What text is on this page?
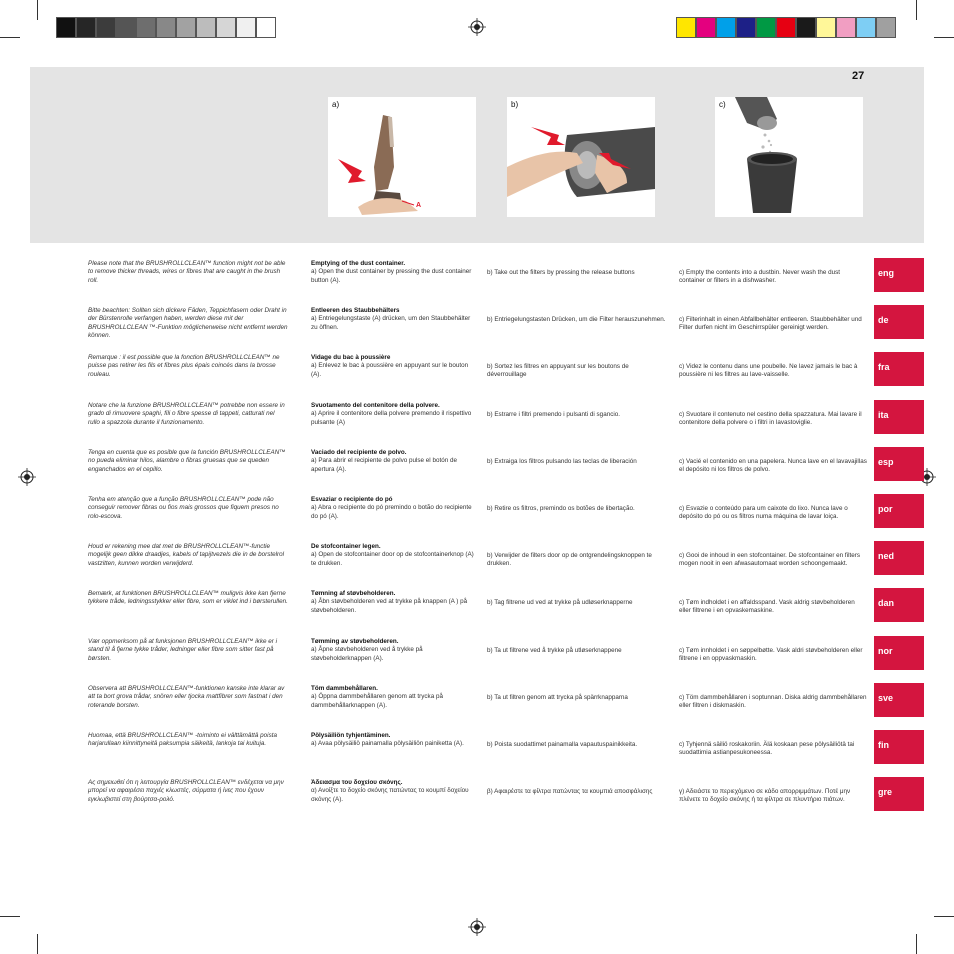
27
a)
A
b)	c)
Please note that the BRUSHROLLCLEAN™ function might not be able to remove thicker threads, wires or fibres that are caught in the brush roll.
Emptying of the dust container.
a) Open the dust container by pressing the dust container button (A).
b) Take out the filters by pressing the release buttons	c) Empty the contents into a dustbin. Never wash the dust container or filters in a dishwasher.
eng
Bitte beachten: Sollten sich dickere Fäden, Teppichfasern oder Draht in der Bürstenrolle verfangen haben, werden diese mit der BRUSHROLLCLEAN ™-Funktion möglicherweise nicht entfernt werden können.
Entleeren des Staubbehälters
a) Entriegelungstaste (A) drücken, um den Staubbehälter zu öffnen.
b) Entriegelungstasten Drücken, um die Filter herauszunehmen.	c) Filterinhalt in einen Abfallbehälter entleeren. Staubbehälter und Filter durfen nicht im Geschirrspüler gereinigt werden.
de
Remarque : il est possible que la fonction BRUSHROLLCLEAN™ ne puisse pas retirer les fils et fibres plus épais coincés dans la brosse rouleau.
Vidage du bac à poussière
a) Enlevez le bac à poussière en appuyant sur le bouton (A).
b) Sortez les filtres en appuyant sur les boutons de déverrouillage
c) Videz le contenu dans une poubelle. Ne lavez jamais le bac à poussière ni les filtres au lave-vaisselle.
fra
Notare che la funzione BRUSHROLLCLEAN™ potrebbe non essere in grado di rimuovere spaghi, fili o fibre spesse di tappeti, catturati nel rullo a spazzola durante il funzionamento.
Svuotamento del contenitore della polvere.
a) Aprire il contenitore della polvere premendo il rispettivo pulsante (A)
b) Estrarre i filtri premendo i pulsanti di sgancio.	c) Svuotare il contenuto nel cestino della spazzatura. Mai lavare il contenitore della polvere o i filtri in lavastoviglie.
ita
Tenga en cuenta que es posible que la función BRUSHROLLCLEAN™ no pueda eliminar hilos, alambre o fibras gruesas que se queden enganchados en el cepillo.
Vaciado del recipiente de polvo.
a) Para abrir el recipiente de polvo pulse el botón de apertura (A).
b) Extraiga los filtros pulsando las teclas de liberación	c) Vacié el contenido en una papelera. Nunca lave en el lavavajillas el depósito ni los filtros de polvo.
esp
Tenha em atenção que a função BRUSHROLLCLEAN™ pode não conseguir remover fibras ou fios mais grossos que fiquem presos no rolo-escova.
Esvaziar o recipiente do pó
a) Abra o recipiente do pó premindo o botão do recipiente do pó (A).
b) Retire os filtros, premindo os botões de libertação.	c) Esvazie o conteúdo para um caixote do lixo. Nunca lave o depósito do pó ou os filtros numa máquina de lavar loiça.
por
Houd er rekening mee dat met de BRUSHROLLCLEAN™-functie mogelijk geen dikke draadjes, kabels of tapijtvezels die in de borstelrol vastzitten, kunnen worden verwijderd.
De stofcontainer legen.
a) Open de stofcontainer door op de stofcontainerknop (A) te drukken.
b) Verwijder de filters door op de ontgrendelingsknoppen te drukken.
c) Gooi de inhoud in een stofcontainer. De stofcontainer en filters mogen nooit in een afwasautomaat worden schoongemaakt.
ned
Bemærk, at funktionen BRUSHROLLCLEAN™ muligvis ikke kan fjerne tykkere tråde, ledningsstykker eller fibre, som er viklet ind i børsterullen.
Tømning af støvbeholderen.
a) Åbn støvbeholderen ved at trykke på knappen (A ) på støvbeholderen.
b) Tag filtrene ud ved at trykke på udløserknapperne	c) Tøm indholdet i en affaldsspand. Vask aldrig støvbeholderen eller filtrene i en opvaskemaskine.
dan
Vær oppmerksom på at funksjonen BRUSHROLLCLEAN™ ikke er i stand til å fjerne tykke tråder, ledninger eller fibre som sitter fast på børsten.
Tømming av støvbeholderen.
a) Åpne støvbeholderen ved å trykke på støvbeholderknappen (A).
b) Ta ut filtrene ved å trykke på utløserknappene	c) Tøm innholdet i en søppelbøtte. Vask aldri støvbeholderen eller filtrene i en oppvaskmaskin.
nor
Observera att BRUSHROLLCLEAN™-funktionen kanske inte klarar av att ta bort grova trådar, snören eller tjocka mattfibrer som fastnat i den roterande borsten.
Töm dammbehållaren.
a) Öppna dammbehållaren genom att trycka på dammbehållarknappen (A).
b) Ta ut filtren genom att trycka på spärrknapparna	c) Töm dammbehållaren i soptunnan. Diska aldrig dammbehållaren eller filtren i diskmaskin.
sve
Huomaa, että BRUSHROLLCLEAN™ -toiminto ei välttämättä poista harjarullaan kiinnittyneitä paksumpia säikeitä, lankoja tai kuituja.
Pölysäiliön tyhjentäminen.
a) Avaa pölysäiliö painamalla pölysäiliön painiketta (A).	b) Poista suodattimet painamalla vapautuspainikkeita.	c) Tyhjennä säiliö roskakoriin. Älä koskaan pese pölysäiliötä tai suodattimia astianpesukoneessa.
fin
Ας σημειωθεί ότι η λειτουργία BRUSHROLLCLEAN™ ενδέχεται να μην μπορεί να αφαιρέσει παχιές κλωστές, σύρματα ή ίνες που έχουν εγκλωβιστεί στη βούρτσα-ρολό.
Άδειασμα του δοχείου σκόνης.
α) Ανοίξτε το δοχείο σκόνης πατώντας το κουμπί δοχείου σκόνης (A).
β) Αφαιρέστε τα φίλτρα πατώντας τα κουμπιά αποσφάλισης	γ) Αδειάστε το περιεχόμενο σε κάδο απορριμμάτων. Ποτέ μην πλένετε το δοχείο σκόνης ή τα φίλτρα σε πλυντήριο πιάτων.
gre
